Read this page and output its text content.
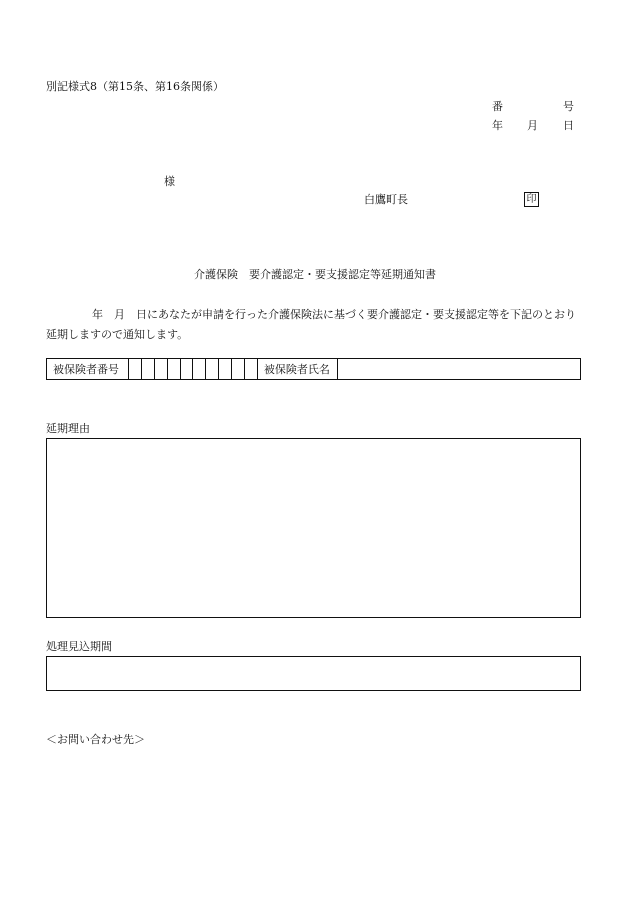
別記様式8（第15条、第16条関係）
番	号
年 月 日
様
白鷹町長	印
介護保険　要介護認定・要支援認定等延期通知書
年　月　日にあなたが申請を行った介護保険法に基づく要介護認定・要支援認定等を下記のとおり延期しますので通知します。
被保険者番号	被保険者氏名
延期理由
処理見込期間
＜お問い合わせ先＞
